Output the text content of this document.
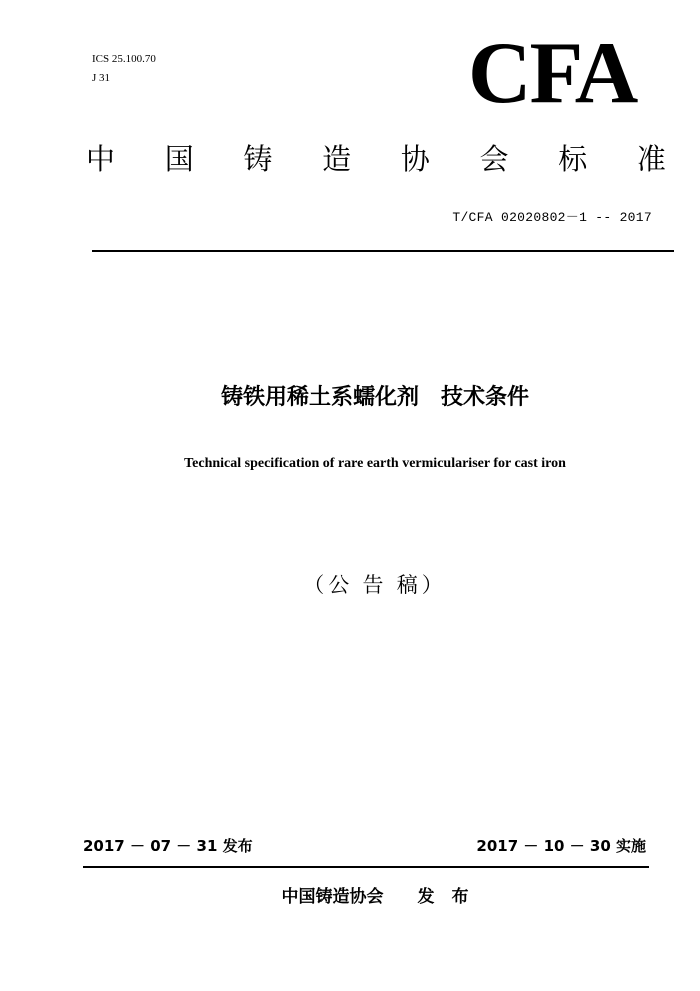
ICS 25.100.70
J 31	CFA
中 国 铸 造 协 会 标 准
T/CFA 02020802－1 -- 2017
铸铁用稀土系蠕化剂　技术条件
Technical specification of rare earth vermiculariser for cast iron
（公 告 稿）
2017 － 07 － 31 发布	2017 － 10 － 30 实施
中国铸造协会　　发　布
